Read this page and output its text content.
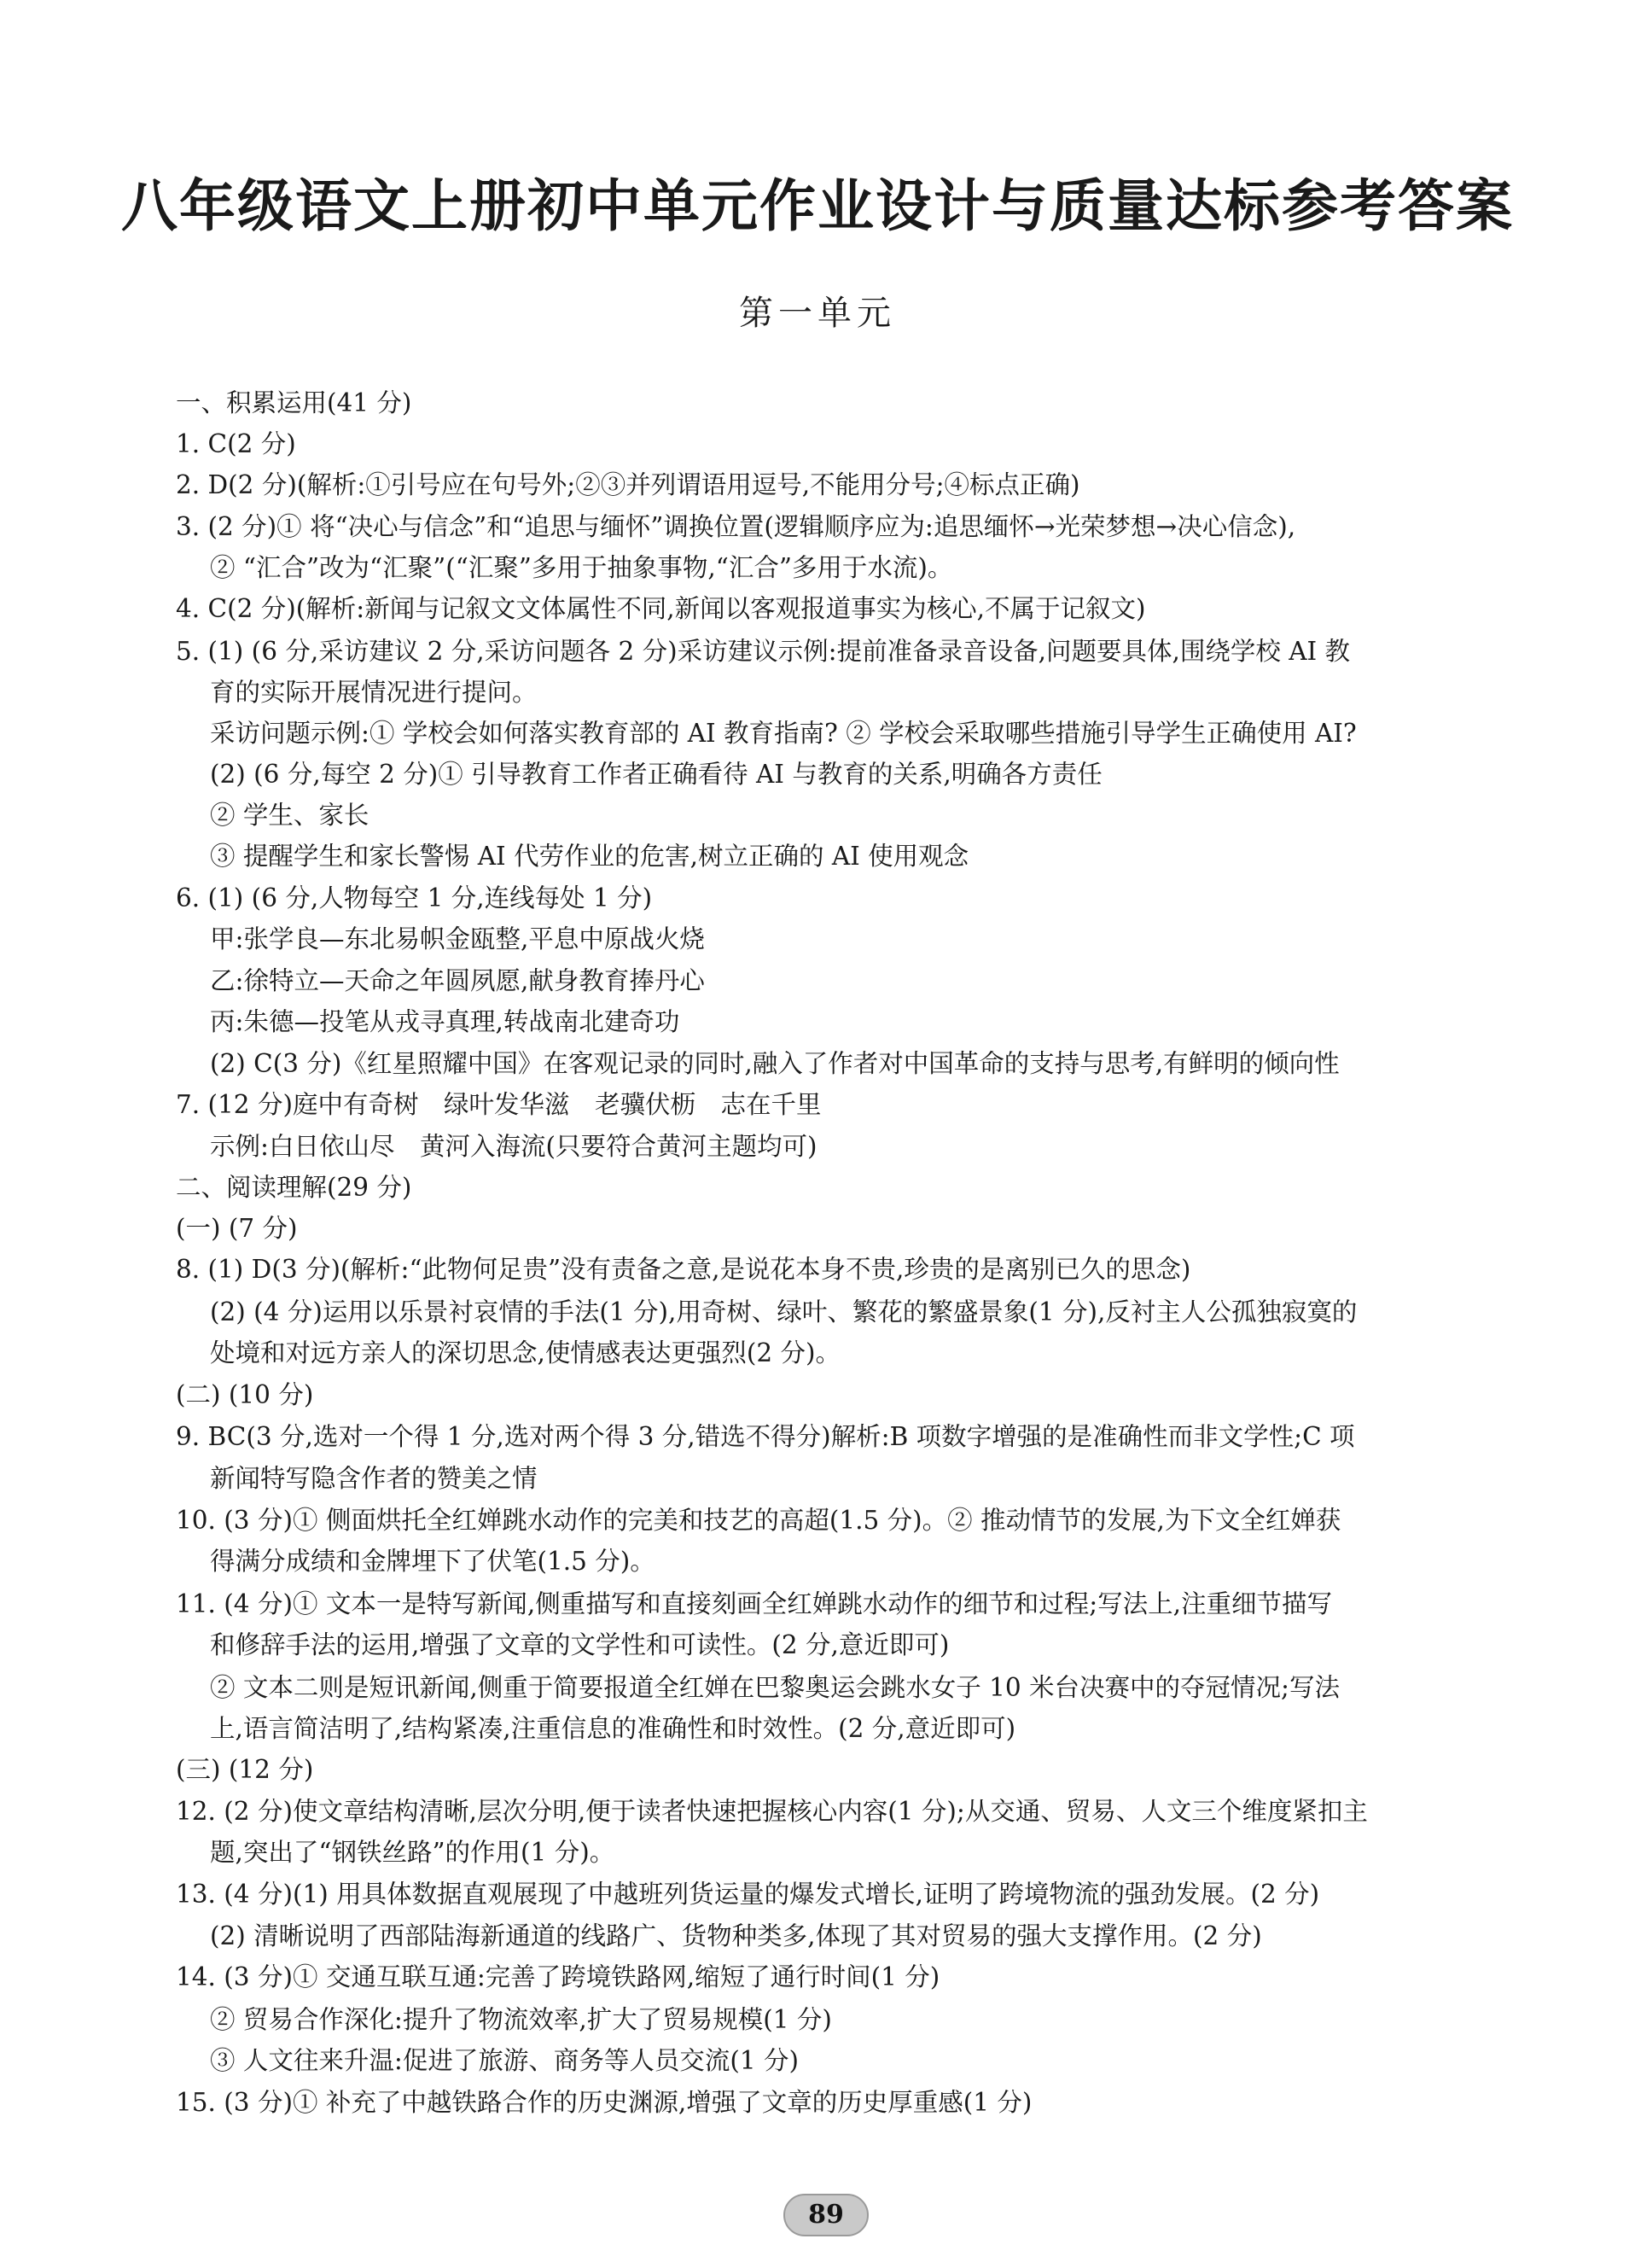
八年级语文上册初中单元作业设计与质量达标参考答案
第一单元
一、积累运用(41 分)
1. C(2 分)
2. D(2 分)(解析:①引号应在句号外;②③并列谓语用逗号,不能用分号;④标点正确)
3. (2 分)① 将“决心与信念”和“追思与缅怀”调换位置(逻辑顺序应为:追思缅怀→光荣梦想→决心信念),
② “汇合”改为“汇聚”(“汇聚”多用于抽象事物,“汇合”多用于水流)。
4. C(2 分)(解析:新闻与记叙文文体属性不同,新闻以客观报道事实为核心,不属于记叙文)
5. (1) (6 分,采访建议 2 分,采访问题各 2 分)采访建议示例:提前准备录音设备,问题要具体,围绕学校 AI 教
育的实际开展情况进行提问。
采访问题示例:① 学校会如何落实教育部的 AI 教育指南? ② 学校会采取哪些措施引导学生正确使用 AI?
(2) (6 分,每空 2 分)① 引导教育工作者正确看待 AI 与教育的关系,明确各方责任
② 学生、家长
③ 提醒学生和家长警惕 AI 代劳作业的危害,树立正确的 AI 使用观念
6. (1) (6 分,人物每空 1 分,连线每处 1 分)
甲:张学良—东北易帜金瓯整,平息中原战火烧
乙:徐特立—天命之年圆夙愿,献身教育捧丹心
丙:朱德—投笔从戎寻真理,转战南北建奇功
(2) C(3 分)《红星照耀中国》在客观记录的同时,融入了作者对中国革命的支持与思考,有鲜明的倾向性
7. (12 分)庭中有奇树　绿叶发华滋　老骥伏枥　志在千里
示例:白日依山尽　黄河入海流(只要符合黄河主题均可)
二、阅读理解(29 分)
(一) (7 分)
8. (1) D(3 分)(解析:“此物何足贵”没有责备之意,是说花本身不贵,珍贵的是离别已久的思念)
(2) (4 分)运用以乐景衬哀情的手法(1 分),用奇树、绿叶、繁花的繁盛景象(1 分),反衬主人公孤独寂寞的
处境和对远方亲人的深切思念,使情感表达更强烈(2 分)。
(二) (10 分)
9. BC(3 分,选对一个得 1 分,选对两个得 3 分,错选不得分)解析:B 项数字增强的是准确性而非文学性;C 项
新闻特写隐含作者的赞美之情
10. (3 分)① 侧面烘托全红婵跳水动作的完美和技艺的高超(1.5 分)。② 推动情节的发展,为下文全红婵获
得满分成绩和金牌埋下了伏笔(1.5 分)。
11. (4 分)① 文本一是特写新闻,侧重描写和直接刻画全红婵跳水动作的细节和过程;写法上,注重细节描写
和修辞手法的运用,增强了文章的文学性和可读性。(2 分,意近即可)
② 文本二则是短讯新闻,侧重于简要报道全红婵在巴黎奥运会跳水女子 10 米台决赛中的夺冠情况;写法
上,语言简洁明了,结构紧凑,注重信息的准确性和时效性。(2 分,意近即可)
(三) (12 分)
12. (2 分)使文章结构清晰,层次分明,便于读者快速把握核心内容(1 分);从交通、贸易、人文三个维度紧扣主
题,突出了“钢铁丝路”的作用(1 分)。
13. (4 分)(1) 用具体数据直观展现了中越班列货运量的爆发式增长,证明了跨境物流的强劲发展。(2 分)
(2) 清晰说明了西部陆海新通道的线路广、货物种类多,体现了其对贸易的强大支撑作用。(2 分)
14. (3 分)① 交通互联互通:完善了跨境铁路网,缩短了通行时间(1 分)
② 贸易合作深化:提升了物流效率,扩大了贸易规模(1 分)
③ 人文往来升温:促进了旅游、商务等人员交流(1 分)
15. (3 分)① 补充了中越铁路合作的历史渊源,增强了文章的历史厚重感(1 分)
89
